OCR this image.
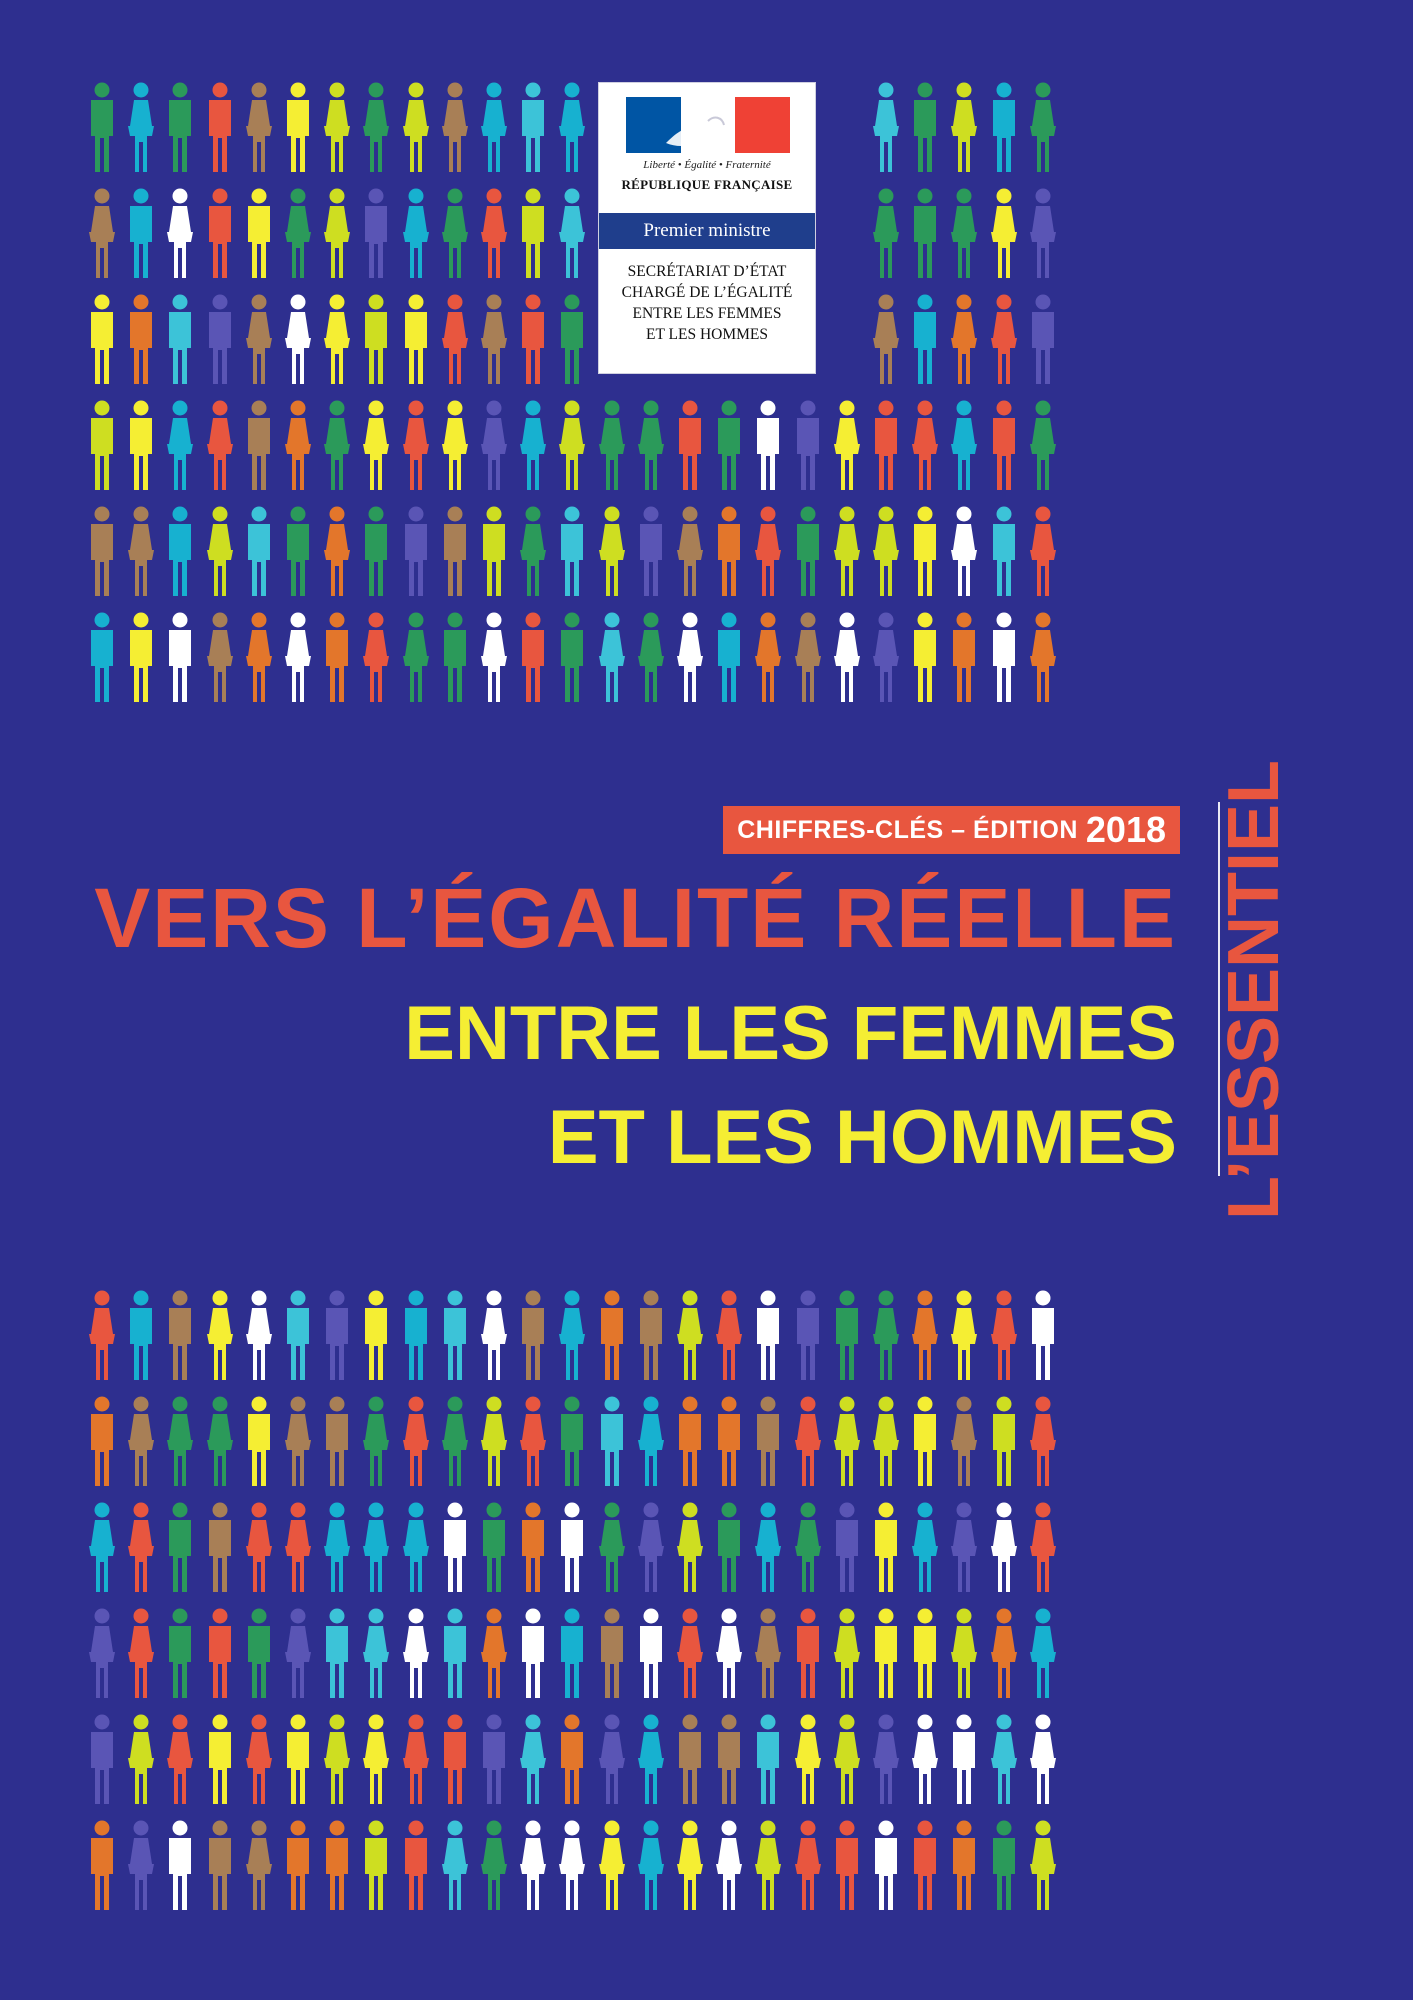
Liberté • Égalité • Fraternité
RÉPUBLIQUE FRANÇAISE
Premier ministre
SECRÉTARIAT D’ÉTAT
CHARGÉ DE L’ÉGALITÉ
ENTRE LES FEMMES
ET LES HOMMES
CHIFFRES-CLÉS – ÉDITION 2018
VERS L’ÉGALITÉ RÉELLE
ENTRE LES FEMMES
ET LES HOMMES L’ESSENTIEL
